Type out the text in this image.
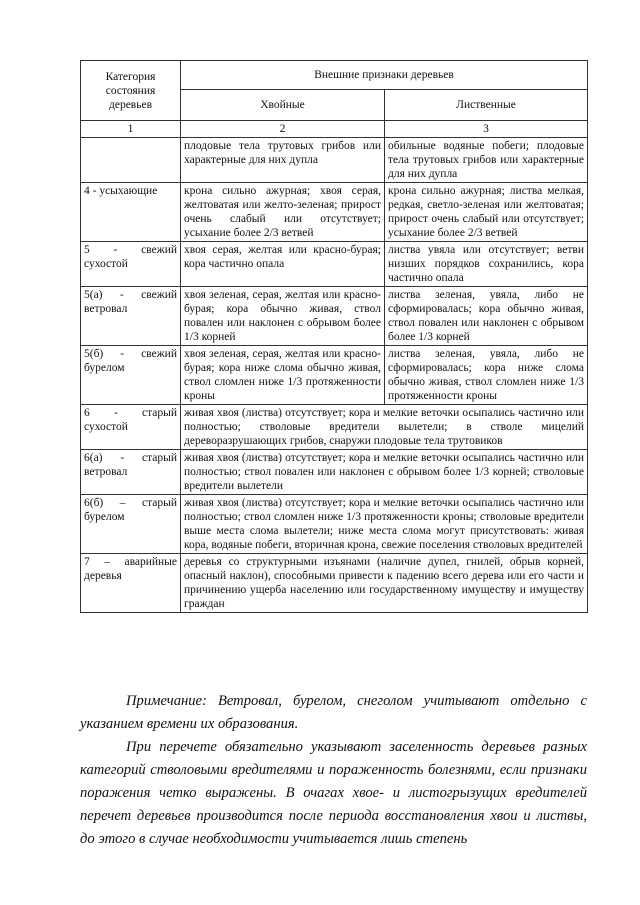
Категория состояния деревьев	Внешние признаки деревьев	
	Хвойные	Лиственные
1	2	3
	плодовые тела трутовых грибов или характерные для них дупла	обильные водяные побеги; плодовые тела трутовых грибов или характерные для них дупла
4 - усыхающие	крона сильно ажурная; хвоя серая, желтоватая или желто-зеленая; прирост очень слабый или отсутствует; усыхание более 2/3 ветвей	крона сильно ажурная; листва мелкая, редкая, светло-зеленая или желтоватая; прирост очень слабый или отсутствует; усыхание более 2/3 ветвей
5 - свежий сухостой	хвоя серая, желтая или красно-бурая; кора частично опала	листва увяла или отсутствует; ветви низших порядков сохранились, кора частично опала
5(а) - свежий ветровал	хвоя зеленая, серая, желтая или красно-бурая; кора обычно живая, ствол повален или наклонен с обрывом более 1/3 корней	листва зеленая, увяла, либо не сформировалась; кора обычно живая, ствол повален или наклонен с обрывом более 1/3 корней
5(б) - свежий бурелом	хвоя зеленая, серая, желтая или красно-бурая; кора ниже слома обычно живая, ствол сломлен ниже 1/3 протяженности кроны	листва зеленая, увяла, либо не сформировалась; кора ниже слома обычно живая, ствол сломлен ниже 1/3 протяженности кроны
6 - старый сухостой	живая хвоя (листва) отсутствует; кора и мелкие веточки осыпались частично или полностью; стволовые вредители вылетели; в стволе мицелий дереворазрушающих грибов, снаружи плодовые тела трутовиков	
6(а) - старый ветровал	живая хвоя (листва) отсутствует; кора и мелкие веточки осыпались частично или полностью; ствол повален или наклонен с обрывом более 1/3 корней; стволовые вредители вылетели	
6(б) – старый бурелом	живая хвоя (листва) отсутствует; кора и мелкие веточки осыпались частично или полностью; ствол сломлен ниже 1/3 протяженности кроны; стволовые вредители выше места слома вылетели; ниже места слома могут присутствовать: живая кора, водяные побеги, вторичная крона, свежие поселения стволовых вредителей	
7 – аварийные деревья	деревья со структурными изъянами (наличие дупел, гнилей, обрыв корней, опасный наклон), способными привести к падению всего дерева или его части и причинению ущерба населению или государственному имуществу и имуществу граждан	

Примечание: Ветровал, бурелом, снеголом учитывают отдельно с указанием времени их образования.

При перечете обязательно указывают заселенность деревьев разных категорий стволовыми вредителями и пораженность болезнями, если признаки поражения четко выражены. В очагах хвое- и листогрызущих вредителей перечет деревьев производится после периода восстановления хвои и листвы, до этого в случае необходимости учитывается лишь степень
